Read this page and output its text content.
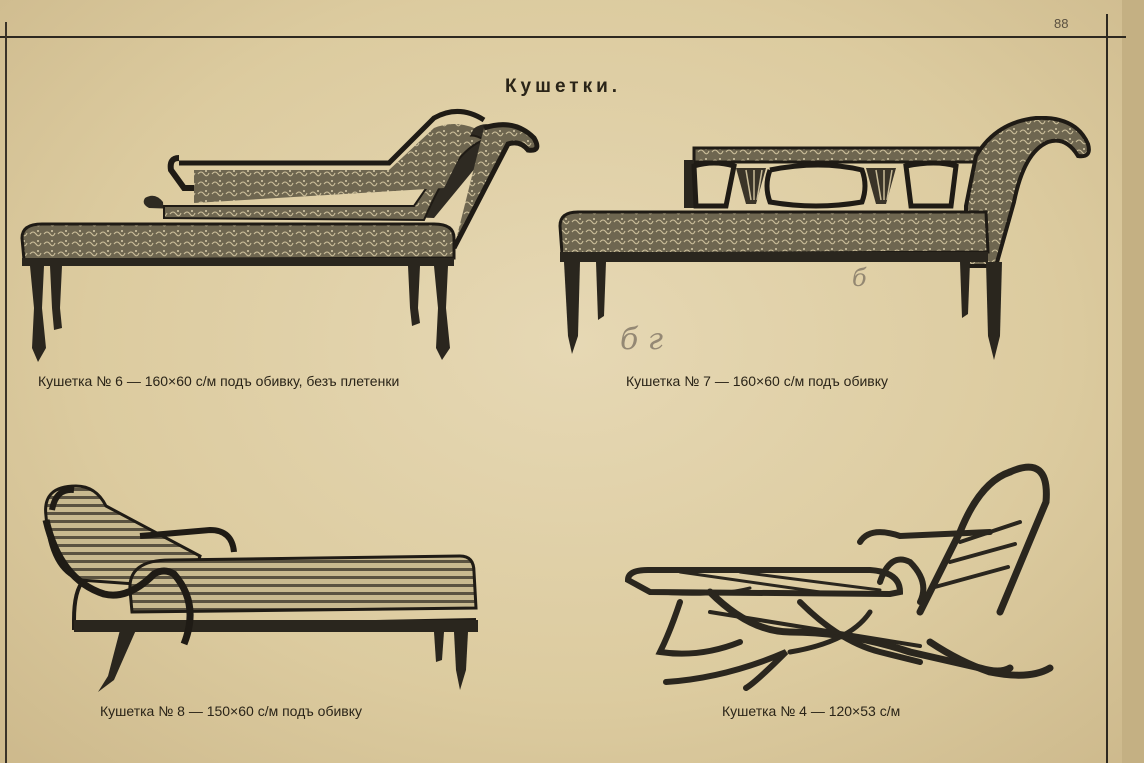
88
Кушетки.
Кушетка № 6 — 160×60 с/м подъ обивку, безъ плетенки	Кушетка № 7 — 160×60 с/м подъ обивку
б г
б
Кушетка № 8 — 150×60 с/м подъ обивку	Кушетка № 4 — 120×53 с/м
